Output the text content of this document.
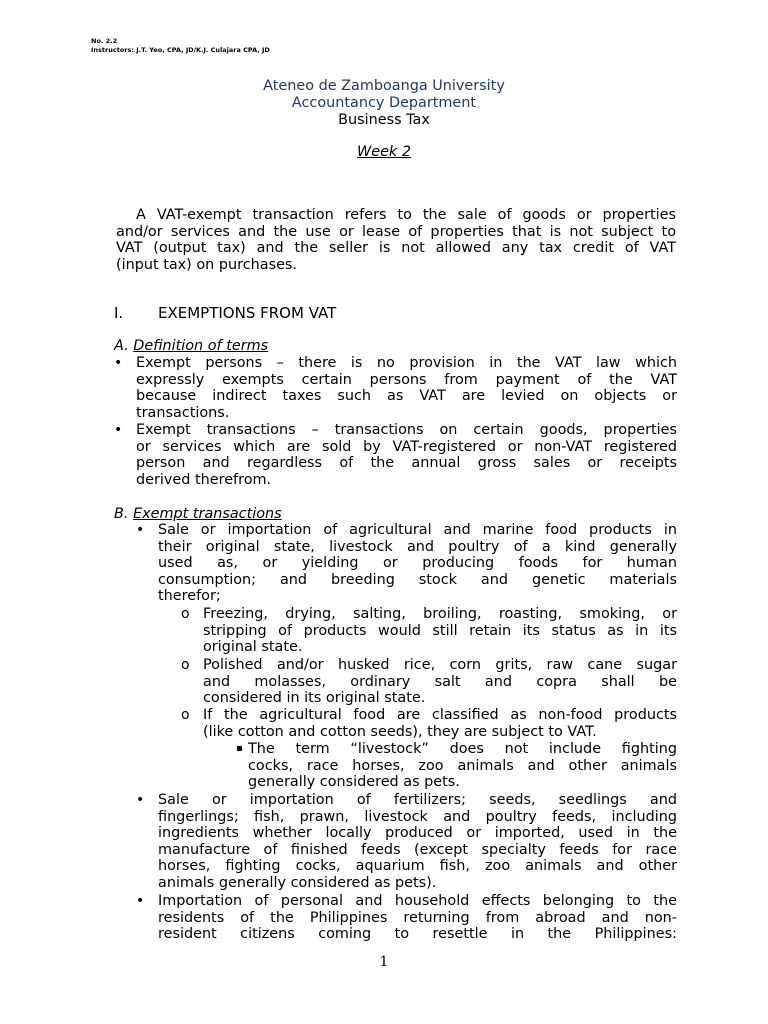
No. 2.2
Instructors: J.T. Yeo, CPA, JD/K.J. Culajara CPA, JD
Ateneo de Zamboanga University
Accountancy Department
Business Tax
Week 2
A VAT-exempt transaction refers to the sale of goods or properties
and/or services and the use or lease of properties that is not subject to
VAT (output tax) and the seller is not allowed any tax credit of VAT
(input tax) on purchases.
I. EXEMPTIONS FROM VAT
A. Definition of terms
• Exempt persons – there is no provision in the VAT law which
expressly exempts certain persons from payment of the VAT
because indirect taxes such as VAT are levied on objects or
transactions.
• Exempt transactions – transactions on certain goods, properties
or services which are sold by VAT-registered or non-VAT registered
person and regardless of the annual gross sales or receipts
derived therefrom.
B. Exempt transactions
• Sale or importation of agricultural and marine food products in
their original state, livestock and poultry of a kind generally
used as, or yielding or producing foods for human
consumption; and breeding stock and genetic materials
therefor;
o Freezing, drying, salting, broiling, roasting, smoking, or
stripping of products would still retain its status as in its
original state.
o Polished and/or husked rice, corn grits, raw cane sugar
and molasses, ordinary salt and copra shall be
considered in its original state.
o If the agricultural food are classified as non-food products
(like cotton and cotton seeds), they are subject to VAT.
▪ The term “livestock” does not include fighting
cocks, race horses, zoo animals and other animals
generally considered as pets.
• Sale or importation of fertilizers; seeds, seedlings and
fingerlings; fish, prawn, livestock and poultry feeds, including
ingredients whether locally produced or imported, used in the
manufacture of finished feeds (except specialty feeds for race
horses, fighting cocks, aquarium fish, zoo animals and other
animals generally considered as pets).
• Importation of personal and household effects belonging to the
residents of the Philippines returning from abroad and non-
resident citizens coming to resettle in the Philippines:
1
